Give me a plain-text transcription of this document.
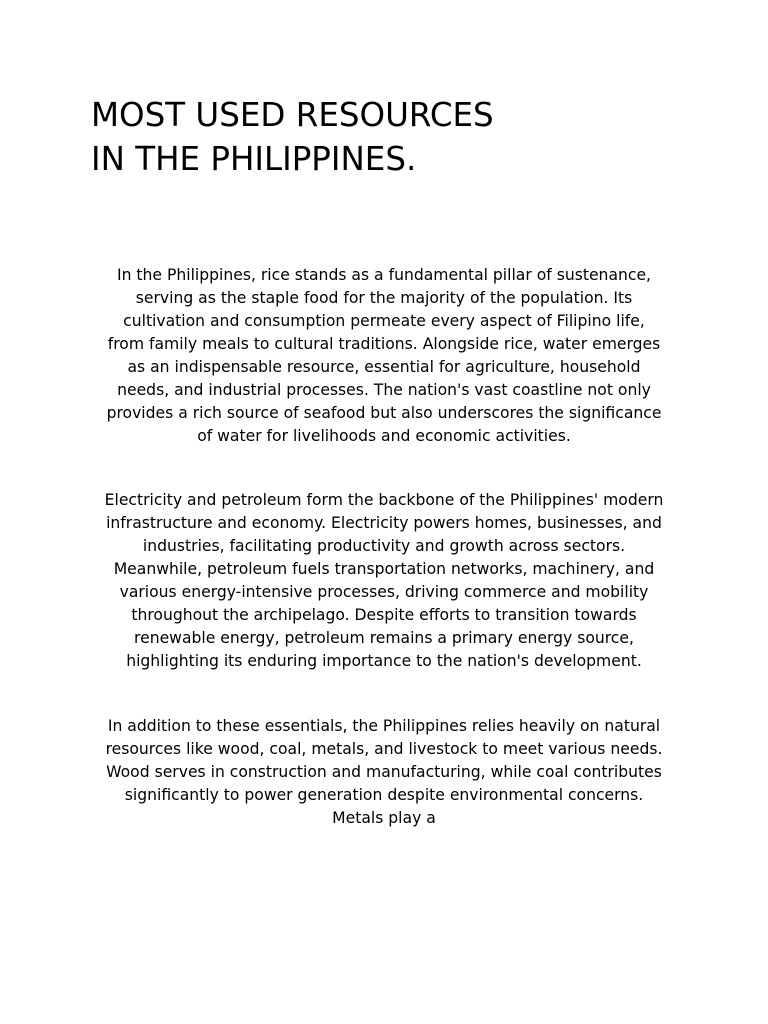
MOST USED RESOURCES
IN THE PHILIPPINES.

In the Philippines, rice stands as a fundamental pillar of sustenance,
serving as the staple food for the majority of the population. Its
cultivation and consumption permeate every aspect of Filipino life,
from family meals to cultural traditions. Alongside rice, water emerges
as an indispensable resource, essential for agriculture, household
needs, and industrial processes. The nation's vast coastline not only
provides a rich source of seafood but also underscores the significance
of water for livelihoods and economic activities.

Electricity and petroleum form the backbone of the Philippines' modern
infrastructure and economy. Electricity powers homes, businesses, and
industries, facilitating productivity and growth across sectors.
Meanwhile, petroleum fuels transportation networks, machinery, and
various energy-intensive processes, driving commerce and mobility
throughout the archipelago. Despite efforts to transition towards
renewable energy, petroleum remains a primary energy source,
highlighting its enduring importance to the nation's development.

In addition to these essentials, the Philippines relies heavily on natural
resources like wood, coal, metals, and livestock to meet various needs.
Wood serves in construction and manufacturing, while coal contributes
significantly to power generation despite environmental concerns.
Metals play a
